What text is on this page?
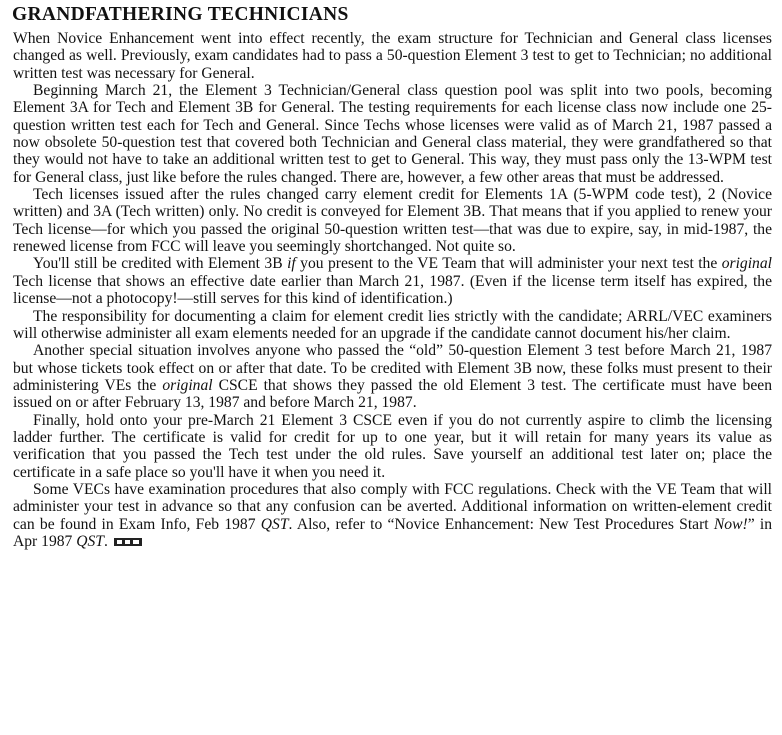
GRANDFATHERING TECHNICIANS

When Novice Enhancement went into effect recently, the exam structure for Technician and General class licenses changed as well. Previously, exam candidates had to pass a 50-question Element 3 test to get to Technician; no additional written test was necessary for General.

Beginning March 21, the Element 3 Technician/General class question pool was split into two pools, becoming Element 3A for Tech and Element 3B for General. The testing requirements for each license class now include one 25-question written test each for Tech and General. Since Techs whose licenses were valid as of March 21, 1987 passed a now obsolete 50-question test that covered both Technician and General class material, they were grandfathered so that they would not have to take an additional written test to get to General. This way, they must pass only the 13-WPM test for General class, just like before the rules changed. There are, however, a few other areas that must be addressed.

Tech licenses issued after the rules changed carry element credit for Elements 1A (5-WPM code test), 2 (Novice written) and 3A (Tech written) only. No credit is conveyed for Element 3B. That means that if you applied to renew your Tech license—for which you passed the original 50-question written test—that was due to expire, say, in mid-1987, the renewed license from FCC will leave you seemingly shortchanged. Not quite so.

You'll still be credited with Element 3B if you present to the VE Team that will administer your next test the original Tech license that shows an effective date earlier than March 21, 1987. (Even if the license term itself has expired, the license—not a photocopy!—still serves for this kind of identification.)

The responsibility for documenting a claim for element credit lies strictly with the candidate; ARRL/VEC examiners will otherwise administer all exam elements needed for an upgrade if the candidate cannot document his/her claim.

Another special situation involves anyone who passed the “old” 50-question Element 3 test before March 21, 1987 but whose tickets took effect on or after that date. To be credited with Element 3B now, these folks must present to their administering VEs the original CSCE that shows they passed the old Element 3 test. The certificate must have been issued on or after February 13, 1987 and before March 21, 1987.

Finally, hold onto your pre-March 21 Element 3 CSCE even if you do not currently aspire to climb the licensing ladder further. The certificate is valid for credit for up to one year, but it will retain for many years its value as verification that you passed the Tech test under the old rules. Save yourself an additional test later on; place the certificate in a safe place so you'll have it when you need it.

Some VECs have examination procedures that also comply with FCC regulations. Check with the VE Team that will administer your test in advance so that any confusion can be averted. Additional information on written-element credit can be found in Exam Info, Feb 1987 QST. Also, refer to “Novice Enhancement: New Test Procedures Start Now!” in Apr 1987 QST.
